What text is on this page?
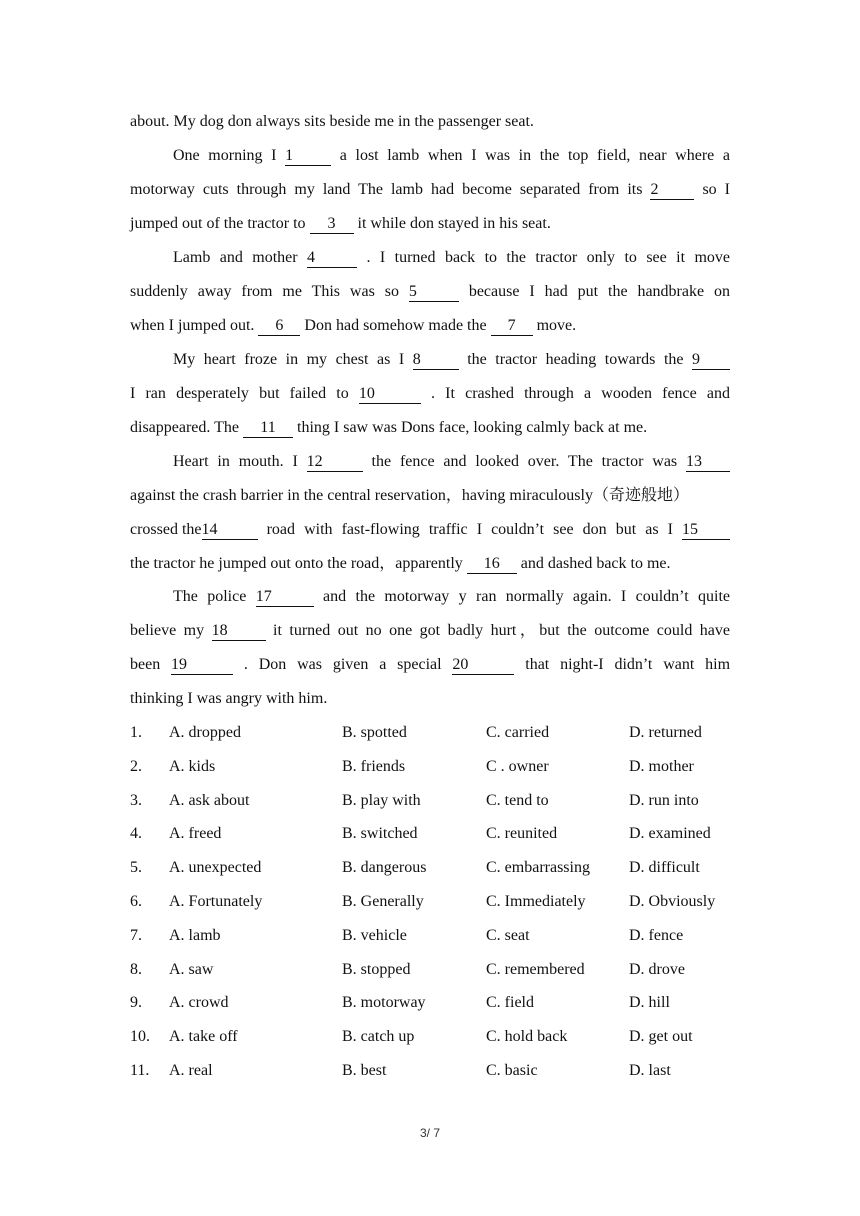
about. My dog don always sits beside me in the passenger seat.
One morning I 1	a lost lamb when I was in the top field, near where a
motorway cuts through my land The lamb had become separated from its 2	so I
jumped out of the tractor to 3 it while don stayed in his seat.
Lamb and mother 4	. I turned back to the tractor only to see it move
suddenly away from me This was so 5	because I had put the handbrake on
when I jumped out. 6 Don had somehow made the 7 move.
My heart froze in my chest as I 8	the tractor heading towards the 9
I ran desperately but failed to 10	. It crashed through a wooden fence and
disappeared. The 11 thing I saw was Dons face, looking calmly back at me.
Heart in mouth. I 12	the fence and looked over. The tractor was 13
against the crash barrier in the central reservation，having miraculously（奇迹般地）
crossed the14	road with fast-flowing traffic I couldn’t see don but as I 15
the tractor he jumped out onto the road，apparently 16 and dashed back to me.
The police 17	and the motorway y ran normally again. I couldn’t quite
believe my 18	it turned out no one got badly hurt，but the outcome could have
been 19	. Don was given a special 20	that night-I didn’t want him
thinking I was angry with him.
1. A. dropped	B. spotted	C. carried	D. returned
2. A. kids	B. friends	C . owner	D. mother
3. A. ask about	B. play with	C. tend to	D. run into
4. A. freed	B. switched	C. reunited	D. examined
5. A. unexpected	B. dangerous	C. embarrassing D. difficult
6. A. Fortunately	B. Generally	C. Immediately	D. Obviously
7. A. lamb	B. vehicle	C. seat	D. fence
8. A. saw	B. stopped	C. remembered	D. drove
9. A. crowd	B. motorway	C. field	D. hill
10. A. take off	B. catch up	C. hold back	D. get out
11. A. real	B. best	C. basic	D. last
3/ 7
